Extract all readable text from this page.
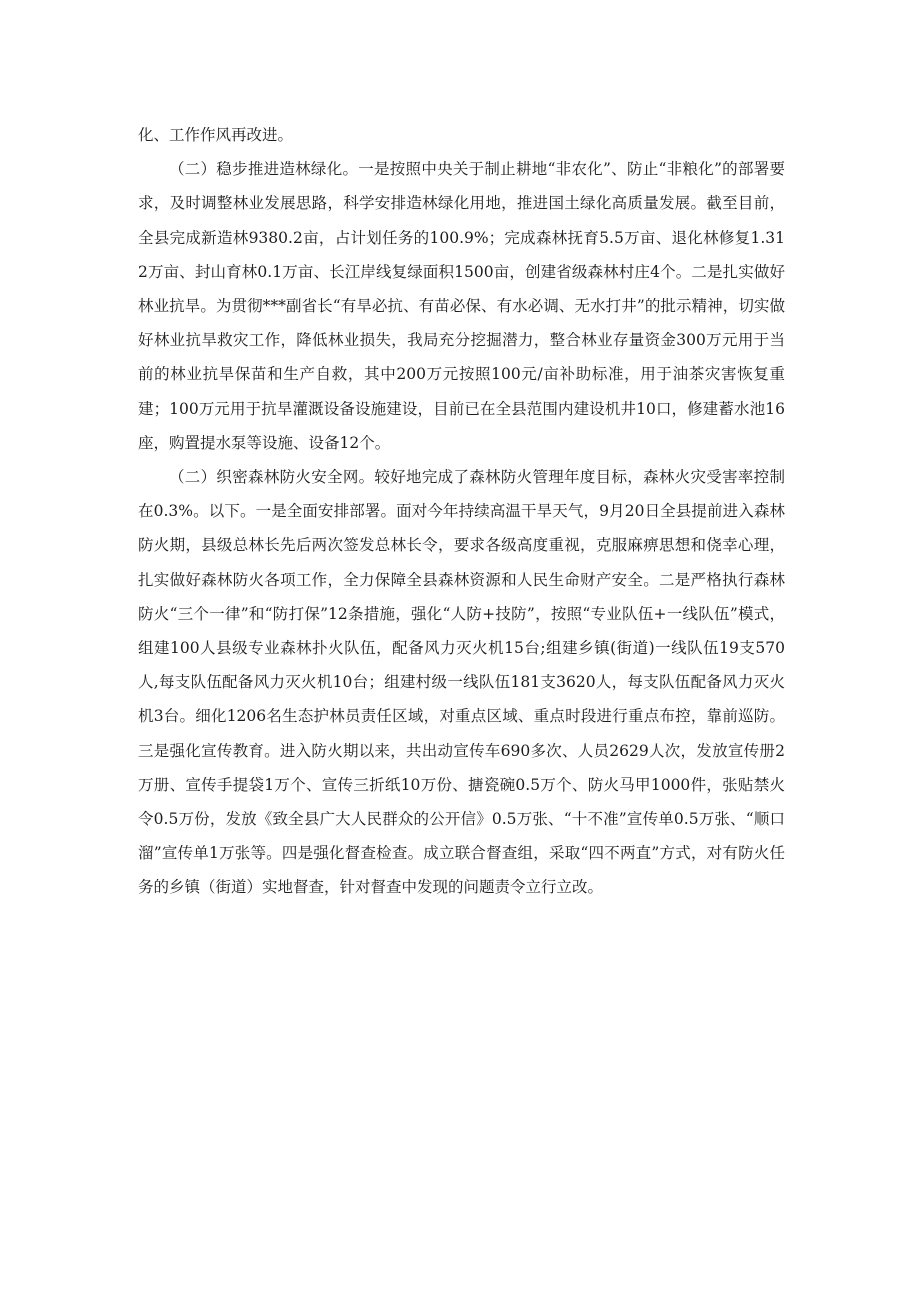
化、工作作风再改进。

（二）稳步推进造林绿化。一是按照中央关于制止耕地“非农化”、防止“非粮化”的部署要求，及时调整林业发展思路，科学安排造林绿化用地，推进国土绿化高质量发展。截至目前，全县完成新造林9380.2亩，占计划任务的100.9%；完成森林抚育5.5万亩、退化林修复1.312万亩、封山育林0.1万亩、长江岸线复绿面积1500亩，创建省级森林村庄4个。二是扎实做好林业抗旱。为贯彻***副省长“有旱必抗、有苗必保、有水必调、无水打井”的批示精神，切实做好林业抗旱救灾工作，降低林业损失，我局充分挖掘潜力，整合林业存量资金300万元用于当前的林业抗旱保苗和生产自救，其中200万元按照100元/亩补助标准，用于油茶灾害恢复重建；100万元用于抗旱灌溉设备设施建设，目前已在全县范围内建设机井10口，修建蓄水池16座，购置提水泵等设施、设备12个。

（二）织密森林防火安全网。较好地完成了森林防火管理年度目标，森林火灾受害率控制在0.3%。以下。一是全面安排部署。面对今年持续高温干旱天气，9月20日全县提前进入森林防火期，县级总林长先后两次签发总林长令，要求各级高度重视，克服麻痹思想和侥幸心理，扎实做好森林防火各项工作，全力保障全县森林资源和人民生命财产安全。二是严格执行森林防火“三个一律”和“防打保”12条措施，强化“人防+技防”，按照“专业队伍+一线队伍”模式，组建100人县级专业森林扑火队伍，配备风力灭火机15台;组建乡镇(街道)一线队伍19支570人,每支队伍配备风力灭火机10台；组建村级一线队伍181支3620人，每支队伍配备风力灭火机3台。细化1206名生态护林员责任区域，对重点区域、重点时段进行重点布控，靠前巡防。三是强化宣传教育。进入防火期以来，共出动宣传车690多次、人员2629人次，发放宣传册2万册、宣传手提袋1万个、宣传三折纸10万份、搪瓷碗0.5万个、防火马甲1000件，张贴禁火令0.5万份，发放《致全县广大人民群众的公开信》0.5万张、“十不准”宣传单0.5万张、“顺口溜”宣传单1万张等。四是强化督查检查。成立联合督查组，采取“四不两直”方式，对有防火任务的乡镇（街道）实地督查，针对督查中发现的问题责令立行立改。
